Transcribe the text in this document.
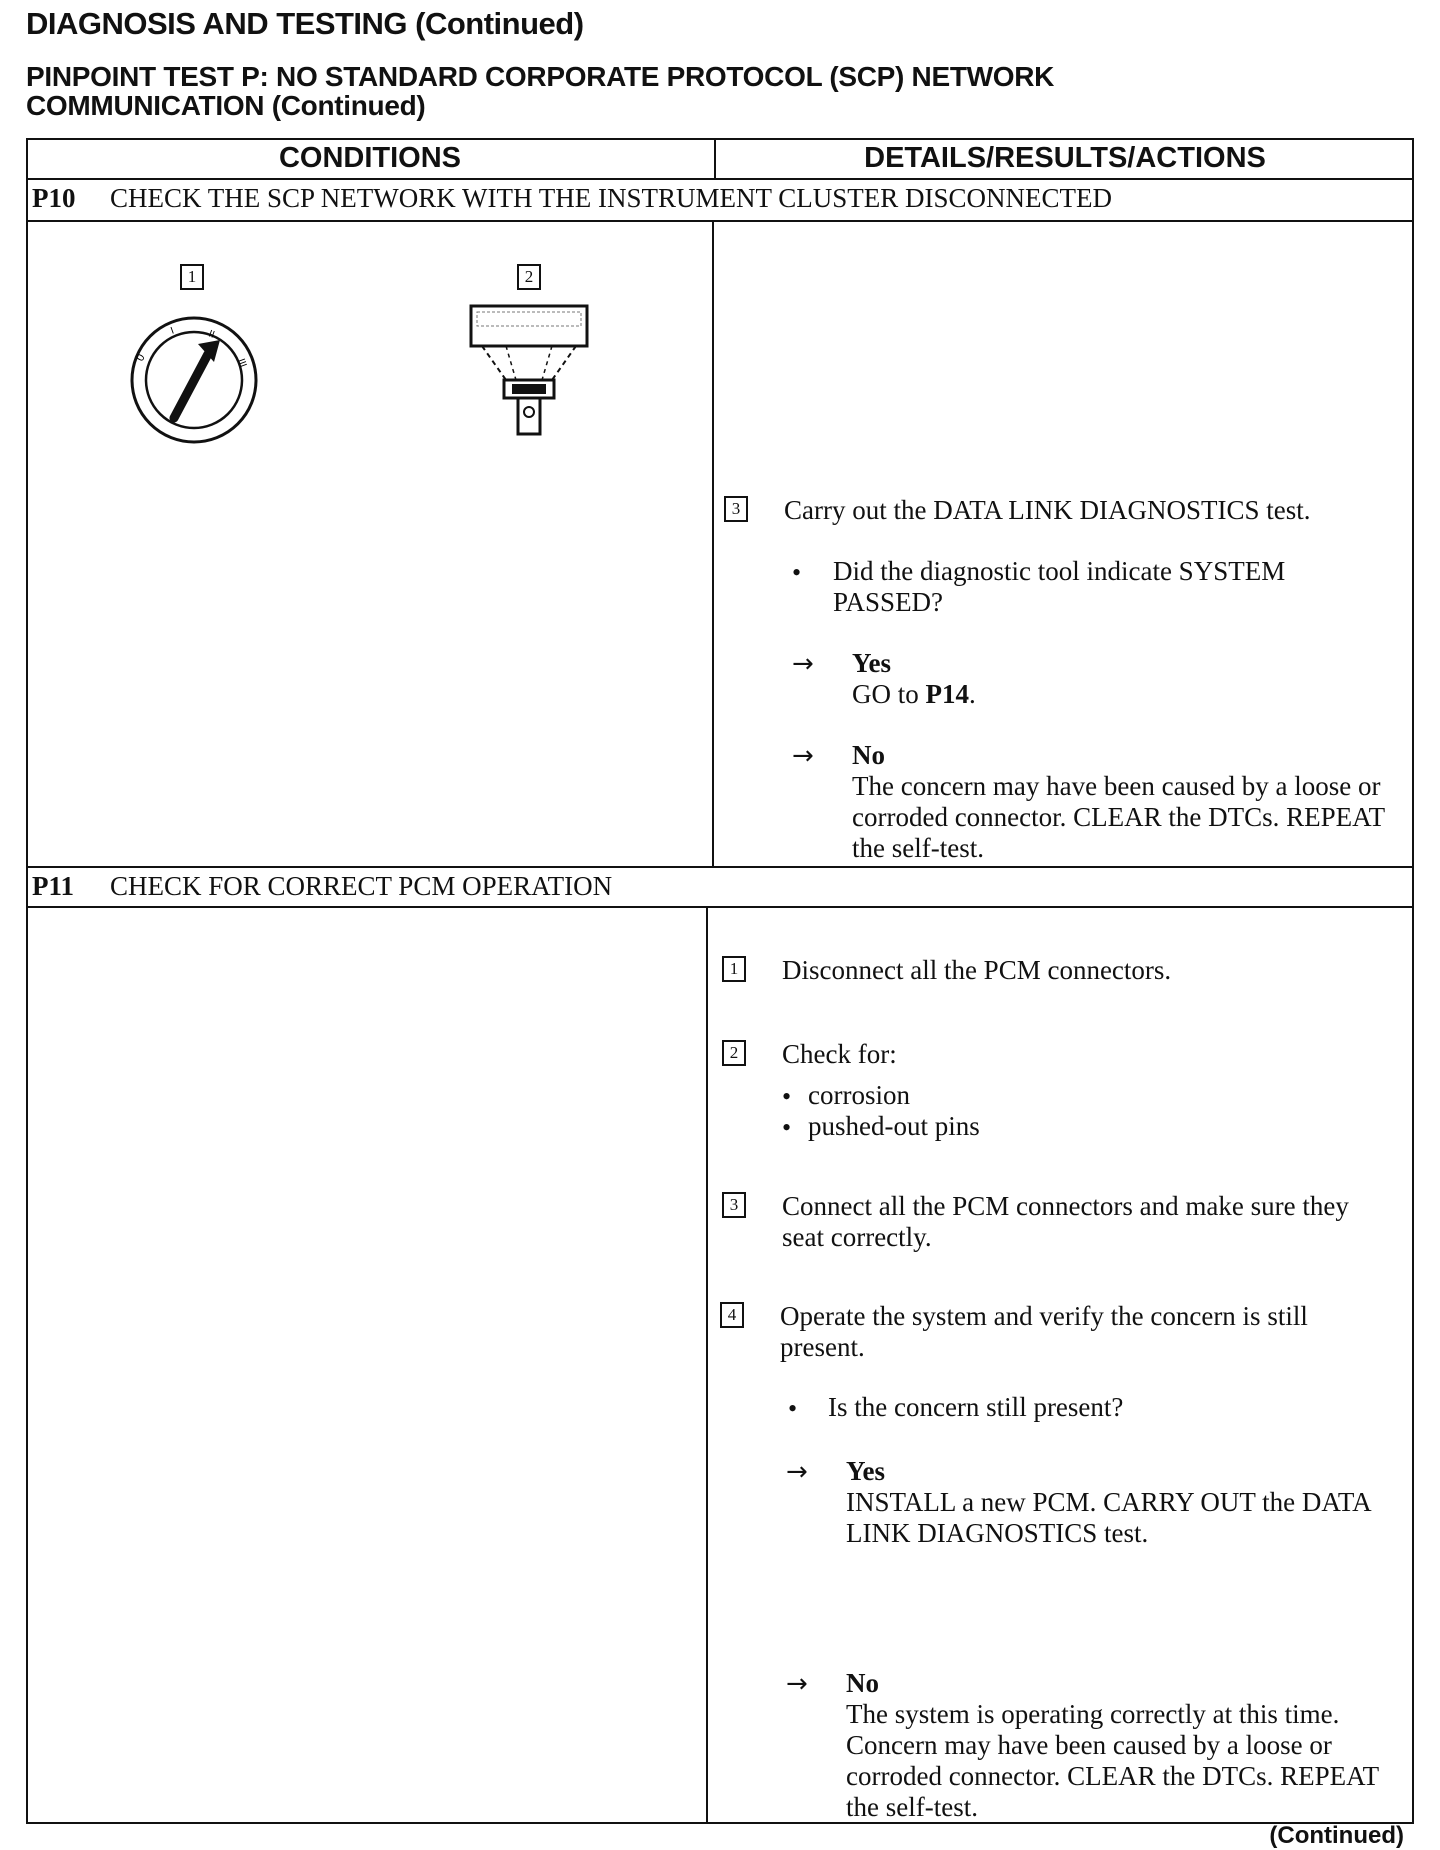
DIAGNOSIS AND TESTING (Continued)
PINPOINT TEST P: NO STANDARD CORPORATE PROTOCOL (SCP) NETWORK
COMMUNICATION (Continued)
CONDITIONS	DETAILS/RESULTS/ACTIONS
P10 CHECK THE SCP NETWORK WITH THE INSTRUMENT CLUSTER DISCONNECTED
1
0
I	II
III
2
3 Carry out the DATA LINK DIAGNOSTICS test.
• Did the diagnostic tool indicate SYSTEM PASSED?
→ Yes
GO to P14.
→ No
The concern may have been caused by a loose or corroded connector. CLEAR the DTCs. REPEAT the self-test.
P11 CHECK FOR CORRECT PCM OPERATION
1 Disconnect all the PCM connectors.
2 Check for:
• corrosion
• pushed-out pins
3 Connect all the PCM connectors and make sure they seat correctly.
4 Operate the system and verify the concern is still present.
• Is the concern still present?
→ Yes
INSTALL a new PCM. CARRY OUT the DATA LINK DIAGNOSTICS test.
→ No
The system is operating correctly at this time. Concern may have been caused by a loose or corroded connector. CLEAR the DTCs. REPEAT the self-test.
(Continued)
